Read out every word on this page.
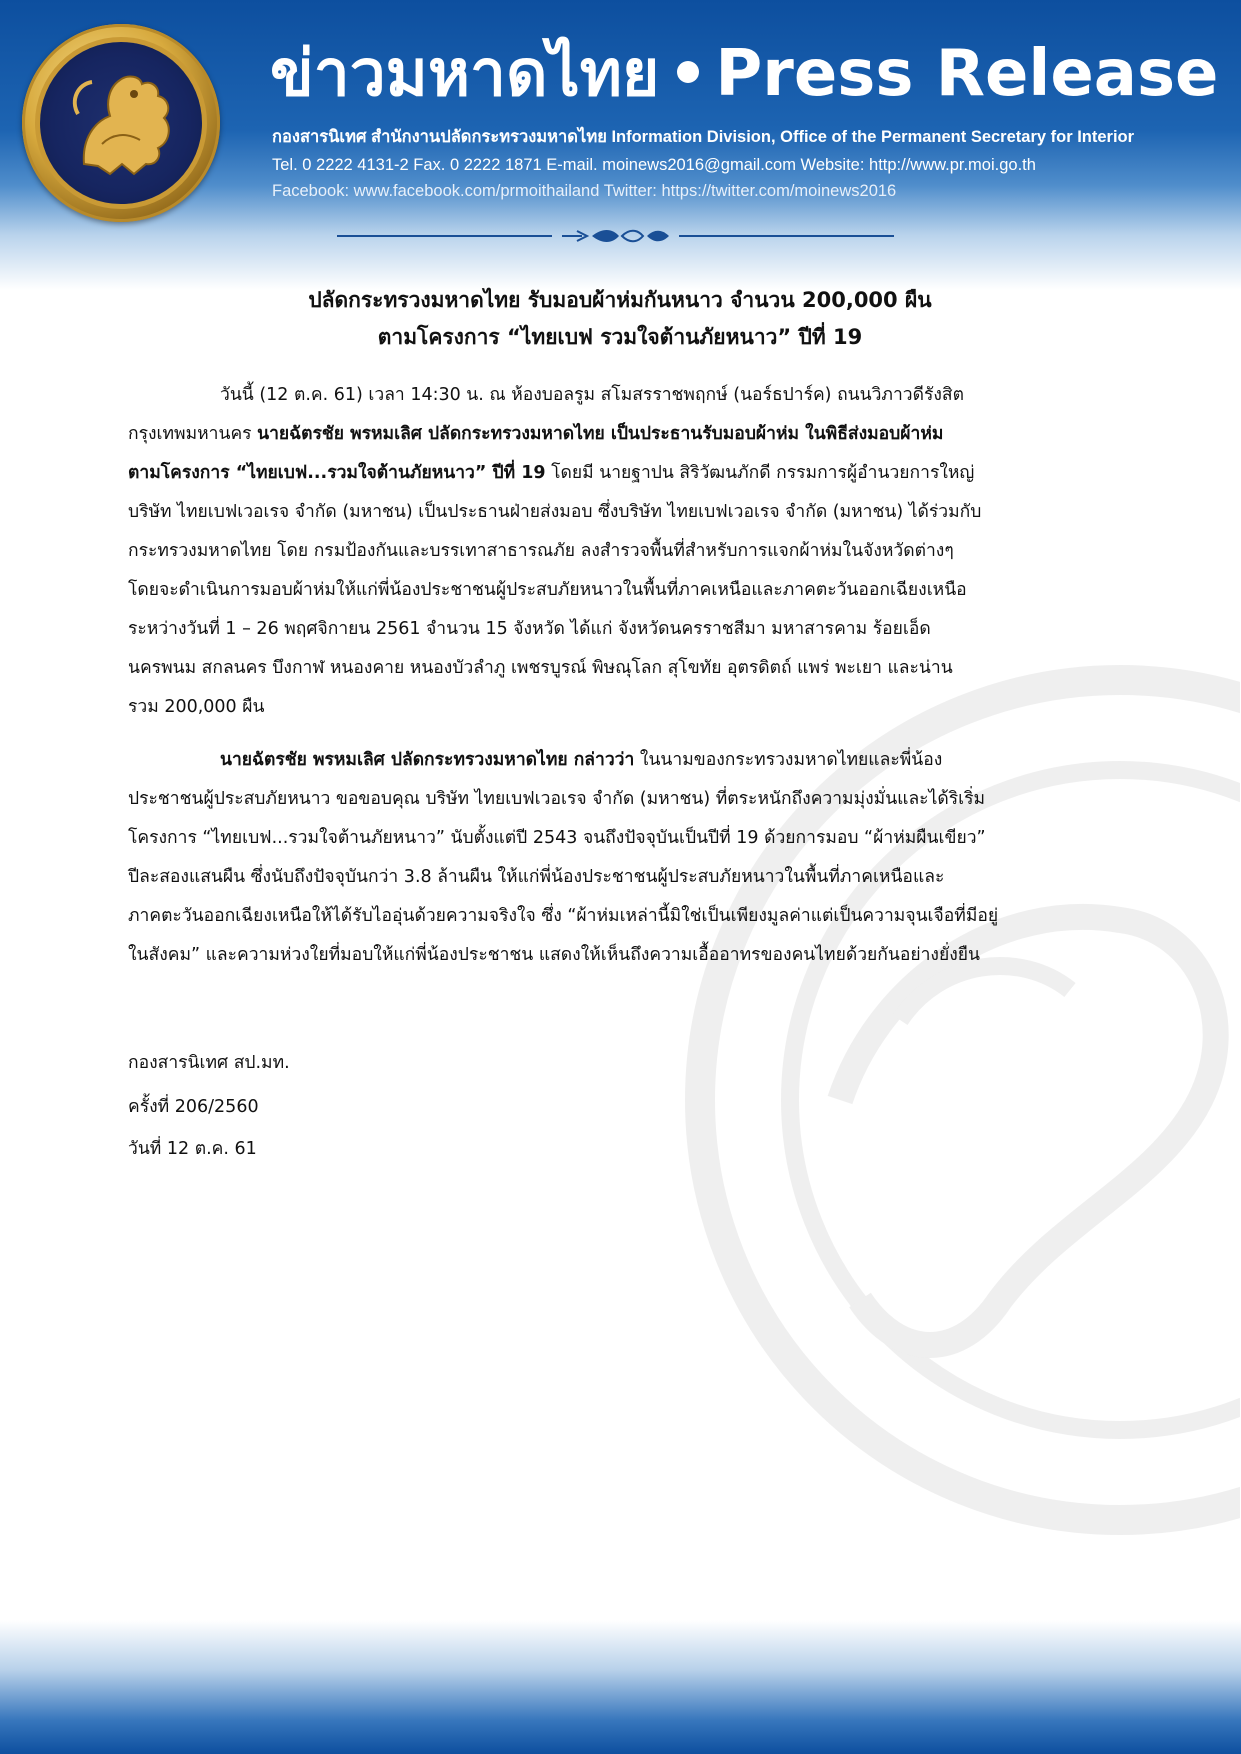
ข่าวมหาดไทย Press Release
กองสารนิเทศ สำนักงานปลัดกระทรวงมหาดไทย Information Division, Office of the Permanent Secretary for Interior
Tel. 0 2222 4131-2 Fax. 0 2222 1871 E-mail. moinews2016@gmail.com Website: http://www.pr.moi.go.th
Facebook: www.facebook.com/prmoithailand Twitter: https://twitter.com/moinews2016
ปลัดกระทรวงมหาดไทย รับมอบผ้าห่มกันหนาว จำนวน 200,000 ผืน
ตามโครงการ “ไทยเบฟ รวมใจต้านภัยหนาว” ปีที่ 19
วันนี้ (12 ต.ค. 61) เวลา 14:30 น. ณ ห้องบอลรูม สโมสรราชพฤกษ์ (นอร์ธปาร์ค) ถนนวิภาวดีรังสิต
กรุงเทพมหานคร นายฉัตรชัย พรหมเลิศ ปลัดกระทรวงมหาดไทย เป็นประธานรับมอบผ้าห่ม ในพิธีส่งมอบผ้าห่ม
ตามโครงการ “ไทยเบฟ...รวมใจต้านภัยหนาว” ปีที่ 19 โดยมี นายฐาปน สิริวัฒนภักดี กรรมการผู้อำนวยการใหญ่
บริษัท ไทยเบฟเวอเรจ จำกัด (มหาชน) เป็นประธานฝ่ายส่งมอบ ซึ่งบริษัท ไทยเบฟเวอเรจ จำกัด (มหาชน) ได้ร่วมกับ
กระทรวงมหาดไทย โดย กรมป้องกันและบรรเทาสาธารณภัย ลงสำรวจพื้นที่สำหรับการแจกผ้าห่มในจังหวัดต่างๆ
โดยจะดำเนินการมอบผ้าห่มให้แก่พี่น้องประชาชนผู้ประสบภัยหนาวในพื้นที่ภาคเหนือและภาคตะวันออกเฉียงเหนือ
ระหว่างวันที่ 1 – 26 พฤศจิกายน 2561 จำนวน 15 จังหวัด ได้แก่ จังหวัดนครราชสีมา มหาสารคาม ร้อยเอ็ด
นครพนม สกลนคร บึงกาฬ หนองคาย หนองบัวลำภู เพชรบูรณ์ พิษณุโลก สุโขทัย อุตรดิตถ์ แพร่ พะเยา และน่าน
รวม 200,000 ผืน
นายฉัตรชัย พรหมเลิศ ปลัดกระทรวงมหาดไทย กล่าวว่า ในนามของกระทรวงมหาดไทยและพี่น้อง
ประชาชนผู้ประสบภัยหนาว ขอขอบคุณ บริษัท ไทยเบฟเวอเรจ จำกัด (มหาชน) ที่ตระหนักถึงความมุ่งมั่นและได้ริเริ่ม
โครงการ “ไทยเบฟ...รวมใจต้านภัยหนาว” นับตั้งแต่ปี 2543 จนถึงปัจจุบันเป็นปีที่ 19 ด้วยการมอบ “ผ้าห่มผืนเขียว”
ปีละสองแสนผืน ซึ่งนับถึงปัจจุบันกว่า 3.8 ล้านผืน ให้แก่พี่น้องประชาชนผู้ประสบภัยหนาวในพื้นที่ภาคเหนือและ
ภาคตะวันออกเฉียงเหนือให้ได้รับไออุ่นด้วยความจริงใจ ซึ่ง “ผ้าห่มเหล่านี้มิใช่เป็นเพียงมูลค่าแต่เป็นความจุนเจือที่มีอยู่
ในสังคม” และความห่วงใยที่มอบให้แก่พี่น้องประชาชน แสดงให้เห็นถึงความเอื้ออาทรของคนไทยด้วยกันอย่างยั่งยืน
กองสารนิเทศ สป.มท.
ครั้งที่ 206/2560
วันที่ 12 ต.ค. 61
